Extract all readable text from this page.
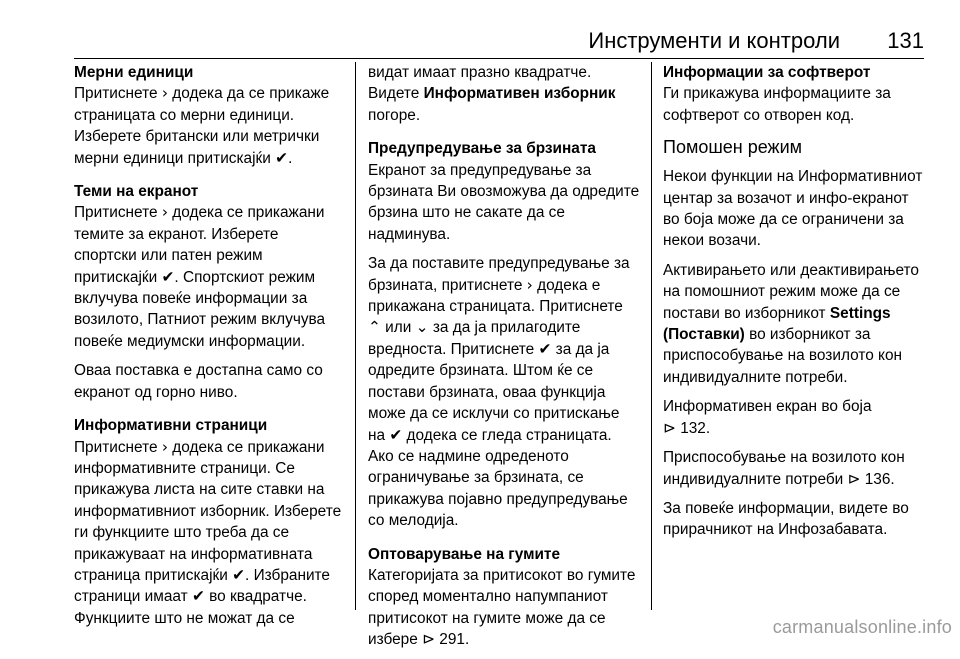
Инструменти и контроли 131
Мерни единици

Притиснете › додека да се прикаже страницата со мерни единици. Изберете британски или метрички мерни единици притискајќи ✔.

Теми на екранот

Притиснете › додека се прикажани темите за екранот. Изберете спортски или патен режим притискајќи ✔. Спортскиот режим вклучува повеќе информации за возилото, Патниот режим вклучува повеќе медиумски информации.

Оваа поставка е достапна само со екранот од горно ниво.

Информативни страници

Притиснете › додека се прикажани информативните страници. Се прикажува листа на сите ставки на информативниот изборник. Изберете ги функциите што треба да се прикажуваат на информативната страница притискајќи ✔. Избраните страници имаат ✔ во квадратче. Функциите што не можат да се

видат имаат празно квадратче. Видете Информативен изборник погоре.

Предупредување за брзината

Екранот за предупредување за брзината Ви овозможува да одредите брзина што не сакате да се надминува.

За да поставите предупредување за брзината, притиснете › додека е прикажана страницата. Притиснете ⌃ или ⌄ за да ја прилагодите вредноста. Притиснете ✔ за да ја одредите брзината. Штом ќе се постави брзината, оваа функција може да се исклучи со притискање на ✔ додека се гледа страницата. Ако се надмине одреденото ограничување за брзината, се прикажува појавно предупредување со мелодија.

Оптоварување на гумите

Категоријата за притисокот во гумите според моментално напумпаниот притисокот на гумите може да се избере ⊳ 291.

Информации за софтверот

Ги прикажува информациите за софтверот со отворен код.

Помошен режим

Некои функции на Информативниот центар за возачот и инфо-екранот во боја може да се ограничени за некои возачи.

Активирањето или деактивирањето на помошниот режим може да се постави во изборникот Settings (Поставки) во изборникот за приспособување на возилото кон индивидуалните потреби.

Информативен екран во боја
⊳ 132.

Приспособување на возилото кон индивидуалните потреби ⊳ 136.

За повеќе информации, видете во прирачникот на Инфозабавата.

carmanualsonline.info
